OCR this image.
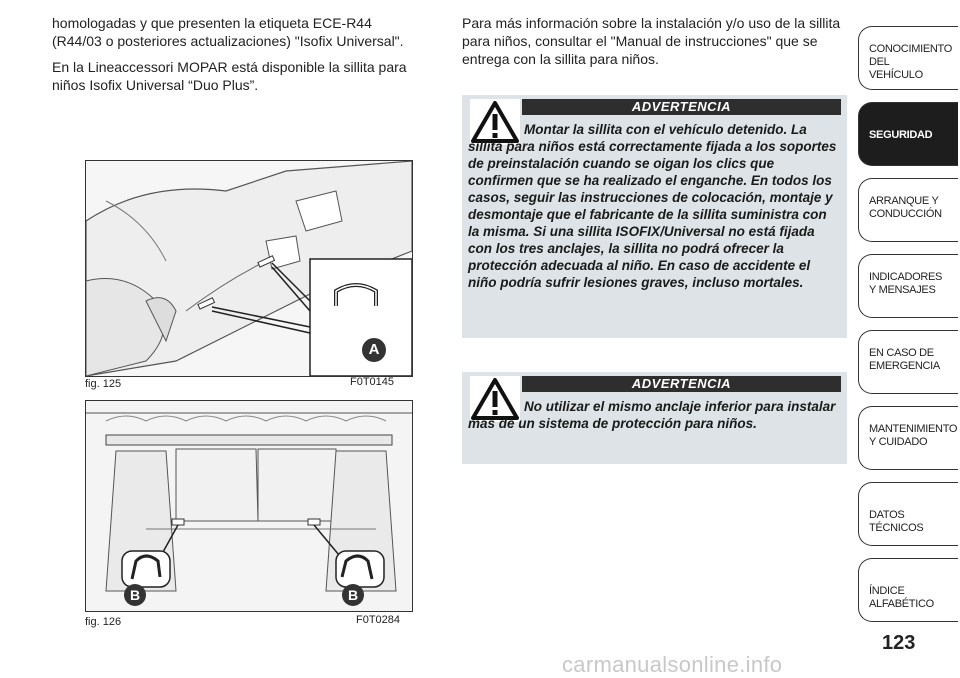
homologadas y que presenten la etiqueta ECE-R44 (R44/03 o posteriores actualizaciones) "Isofix Universal".

En la Lineaccessori MOPAR está disponible la sillita para niños Isofix Universal “Duo Plus”.

A
fig. 125	F0T0145
B	B
fig. 126	F0T0284

Para más información sobre la instalación y/o uso de la sillita para niños, consultar el "Manual de instrucciones" que se entrega con la sillita para niños.

ADVERTENCIA
Montar la sillita con el vehículo detenido. La sillita para niños está correctamente fijada a los soportes de preinstalación cuando se oigan los clics que confirmen que se ha realizado el enganche. En todos los casos, seguir las instrucciones de colocación, montaje y desmontaje que el fabricante de la sillita suministra con la misma. Si una sillita ISOFIX/Universal no está fijada con los tres anclajes, la sillita no podrá ofrecer la protección adecuada al niño. En caso de accidente el niño podría sufrir lesiones graves, incluso mortales.
ADVERTENCIA
No utilizar el mismo anclaje inferior para instalar más de un sistema de protección para niños.
CONOCIMIENTO DEL VEHÍCULO
SEGURIDAD
ARRANQUE Y CONDUCCIÓN
INDICADORES Y MENSAJES
EN CASO DE EMERGENCIA
MANTENIMIENTO Y CUIDADO
DATOS TÉCNICOS
ÍNDICE ALFABÉTICO
123
carmanualsonline.info
